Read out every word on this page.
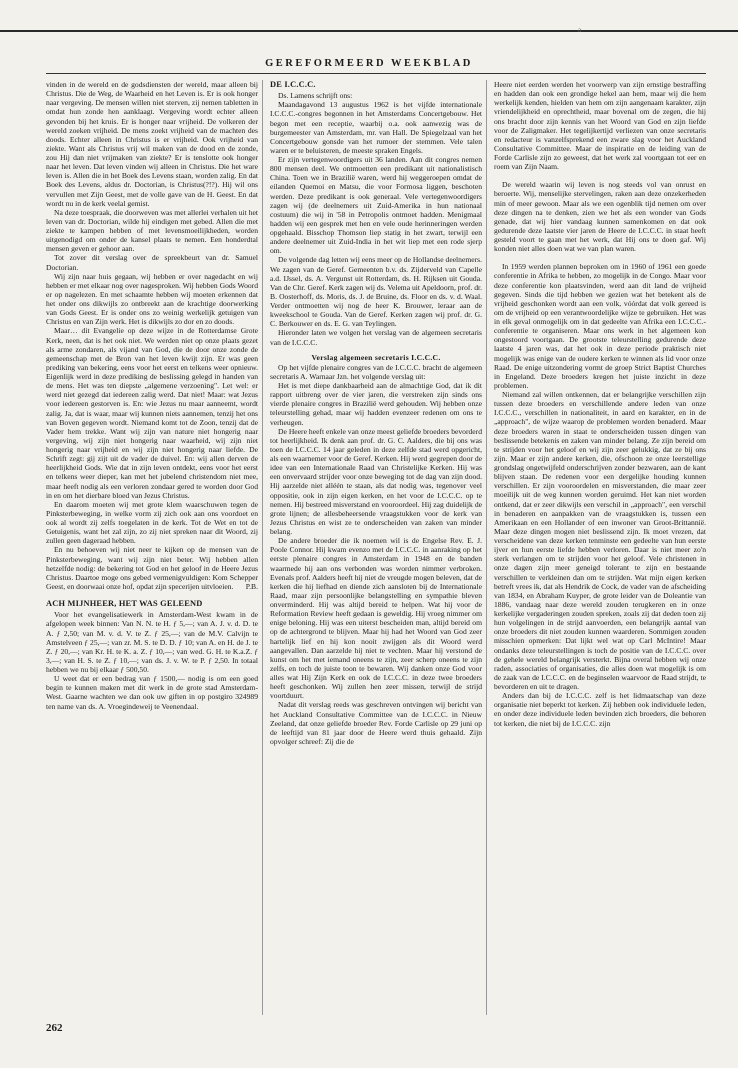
a
GEREFORMEERD WEEKBLAD

vinden in de wereld en de godsdiensten der wereld, maar alleen bij Christus. Die de Weg, de Waarheid en het Leven is. Er is ook honger naar vergeving. De mensen willen niet sterven, zij nemen tabletten in omdat hun zonde hen aanklaagt. Vergeving wordt echter alleen gevonden bij het kruis. Er is honger naar vrijheid. De volkeren der wereld zoeken vrijheid. De mens zoekt vrijheid van de machten des doods. Echter alleen in Christus is er vrijheid. Ook vrijheid van ziekte. Want als Christus vrij wil maken van de dood en de zonde, zou Hij dan niet vrijmaken van ziekte? Er is tenslotte ook honger naar het leven. Dat leven vinden wij alleen in Christus. Die het ware leven is. Allen die in het Boek des Levens staan, worden zalig. En dat Boek des Levens, aldus dr. Doctorian, is Christus(?!?). Hij wil ons vervullen met Zijn Geest, met de volle gave van de H. Geest. En dat wordt nu in de kerk veelal gemist.

Na deze toespraak, die doorweven was met allerlei verhalen uit het leven van dr. Doctorian, wilde hij eindigen met gebed. Allen die met ziekte te kampen hebben of met levensmoeilijkheden, worden uitgenodigd om onder de kansel plaats te nemen. Een honderdtal mensen geven er gehoor aan.

Tot zover dit verslag over de spreekbeurt van dr. Samuel Doctorian.

Wij zijn naar huis gegaan, wij hebben er over nagedacht en wij hebben er met elkaar nog over nagesproken. Wij hebben Gods Woord er op nagelezen. En met schaamte hebben wij moeten erkennen dat het onder ons dikwijls zo ontbreekt aan de krachtige doorwerking van Gods Geest. Er is onder ons zo weinig werkelijk getuigen van Christus en van Zijn werk. Het is dikwijls zo dor en zo doods.

Maar… dit Evangelie op deze wijze in de Rotterdamse Grote Kerk, neen, dat is het ook niet. We werden niet op onze plaats gezet als arme zondaren, als vijand van God, die de door onze zonde de gemeenschap met de Bron van het leven kwijt zijn. Er was geen prediking van bekering, eens voor het eerst en telkens weer opnieuw. Eigenlijk werd in deze prediking de beslissing gelegd in handen van de mens. Het was ten diepste „algemene verzoening". Let wel: er werd niet gezegd dat iedereen zalig werd. Dat niet! Maar: wat Jezus voor iedereen gestorven is. En: wie Jezus nu maar aanneemt, wordt zalig. Ja, dat is waar, maar wij kunnen niets aannemen, tenzij het ons van Boven gegeven wordt. Niemand komt tot de Zoon, tenzij dat de Vader hem trekke. Want wij zijn van nature niet hongerig naar vergeving, wij zijn niet hongerig naar waarheid, wij zijn niet hongerig naar vrijheid en wij zijn niet hongerig naar liefde. De Schrift zegt: gij zijt uit de vader de duivel. En: wij allen derven de heerlijkheid Gods. Wie dat in zijn leven ontdekt, eens voor het eerst en telkens weer dieper, kan met het jubelend christendom niet mee, maar heeft nodig als een verloren zondaar gered te worden door God in en om het dierbare bloed van Jezus Christus.

En daarom moeten wij met grote klem waarschuwen tegen de Pinksterbeweging, in welke vorm zij zich ook aan ons voordoet en ook al wordt zij zelfs toegelaten in de kerk. Tot de Wet en tot de Getuigenis, want het zal zijn, zo zij niet spreken naar dit Woord, zij zullen geen dageraad hebben.

En nu behoeven wij niet neer te kijken op de mensen van de Pinksterbeweging, want wij zijn niet beter. Wij hebben allen hetzelfde nodig: de bekering tot God en het geloof in de Heere Jezus Christus. Daartoe moge ons gebed vermenigvuldigen: Kom Schepper Geest, en doorwaai onze hof, opdat zijn specerijen uitvloeien.	P.B.
ACH MIJNHEER, HET WAS GELEEND

Voor het evangelisatiewerk in Amsterdam-West kwam in de afgelopen week binnen: Van N. N. te H. ƒ 5,—; van A. J. v. d. D. te A. ƒ 2,50; van M. v. d. V. te Z. ƒ 25,—; van de M.V. Calvijn te Amstelveen ƒ 25,—; van zr. M. S. te D. D. ƒ 10; van A. en H. de J. te Z. ƒ 20,—; van Kr. H. te K. a. Z. ƒ 10,—; van wed. G. H. te K.a.Z. ƒ 3,—; van H. S. te Z. ƒ 10,—; van ds. J. v. W. te P. ƒ 2,50. In totaal hebben we nu bij elkaar ƒ 500,50.

U weet dat er een bedrag van ƒ 1500,— nodig is om een goed begin te kunnen maken met dit werk in de grote stad Amsterdam-West. Gaarne wachten we dan ook uw giften in op postgiro 324989 ten name van ds. A. Vroegindeweij te Veenendaal.

DE I.C.C.C.

Ds. Lamens schrijft ons:

Maandagavond 13 augustus 1962 is het vijfde internationale I.C.C.C.-congres begonnen in het Amsterdams Concertgebouw. Het begon met een receptie, waarbij o.a. ook aanwezig was de burgemeester van Amsterdam, mr. van Hall. De Spiegelzaal van het Concertgebouw gonsde van het rumoer der stemmen. Vele talen waren er te beluisteren, de meeste spraken Engels.

Er zijn vertegenwoordigers uit 36 landen. Aan dit congres nemen 800 mensen deel. We ontmoetten een predikant uit nationalistisch China. Toen we in Brazilië waren, werd hij weggeroepen omdat de eilanden Quemoi en Matsu, die voor Formosa liggen, beschoten werden. Deze predikant is ook generaal. Vele vertegenwoordigers zagen wij (de deelnemers uit Zuid-Amerika in hun nationaal costuum) die wij in '58 in Petropolis ontmoet hadden. Menigmaal hadden wij een gesprek met hen en vele oude herinneringen werden opgehaald. Bisschop Thomson liep statig in het zwart, terwijl een andere deelnemer uit Zuid-India in het wit liep met een rode sjerp om.

De volgende dag letten wij eens meer op de Hollandse deelnemers. We zagen van de Geref. Gemeenten b.v. ds. Zijderveld van Capelle a.d. IJssel, ds. A. Vergunst uit Rotterdam, ds. H. Rijksen uit Gouda. Van de Chr. Geref. Kerk zagen wij ds. Velema uit Apeldoorn, prof. dr. B. Oosterhoff, ds. Moris, ds. J. de Bruine, ds. Floor en ds. v. d. Waal. Verder ontmoetten wij nog de heer K. Brouwer, leraar aan de kweekschool te Gouda. Van de Geref. Kerken zagen wij prof. dr. G. C. Berkouwer en ds. E. G. van Teylingen.

Hieronder laten we volgen het verslag van de algemeen secretaris van de I.C.C.C.

Verslag algemeen secretaris I.C.C.C.

Op het vijfde plenaire congres van de I.C.C.C. bracht de algemeen secretaris A. Warnaar Jzn. het volgende verslag uit:

Het is met diepe dankbaarheid aan de almachtige God, dat ik dit rapport uitbreng over de vier jaren, die verstreken zijn sinds ons vierde plenaire congres in Brazilië werd gehouden. Wij hebben onze teleurstelling gehad, maar wij hadden evenzeer redenen om ons te verheugen.

De Heere heeft enkele van onze meest geliefde broeders bevorderd tot heerlijkheid. Ik denk aan prof. dr. G. C. Aalders, die bij ons was toen de I.C.C.C. 14 jaar geleden in deze zelfde stad werd opgericht, als een waarnemer voor de Geref. Kerken. Hij werd gegrepen door de idee van een Internationale Raad van Christelijke Kerken. Hij was een onvervaard strijder voor onze beweging tot de dag van zijn dood. Hij aarzelde niet alléén te staan, als dat nodig was, tegenover veel oppositie, ook in zijn eigen kerken, en het voor de I.C.C.C. op te nemen. Hij bestreed misverstand en vooroordeel. Hij zag duidelijk de grote lijnen; de allesbeheersende vraagstukken voor de kerk van Jezus Christus en wist ze te onderscheiden van zaken van minder belang.

De andere broeder die ik noemen wil is de Engelse Rev. E. J. Poole Connor. Hij kwam evenzo met de I.C.C.C. in aanraking op het eerste plenaire congres in Amsterdam in 1948 en de banden waarmede hij aan ons verbonden was worden nimmer verbroken. Evenals prof. Aalders heeft hij niet de vreugde mogen beleven, dat de kerken die hij liefhad en diende zich aansloten bij de Internationale Raad, maar zijn persoonlijke belangstelling en sympathie bleven onverminderd. Hij was altijd bereid te helpen. Wat hij voor de Reformation Review heeft gedaan is geweldig. Hij vroeg nimmer om enige beloning. Hij was een uiterst bescheiden man, altijd bereid om op de achtergrond te blijven. Maar hij had het Woord van God zeer hartelijk lief en hij kon nooit zwijgen als dit Woord werd aangevallen. Dan aarzelde hij niet te vechten. Maar hij verstond de kunst om het met iemand oneens te zijn, zeer scherp oneens te zijn zelfs, en toch de juiste toon te bewaren. Wij danken onze God voor alles wat Hij Zijn Kerk en ook de I.C.C.C. in deze twee broeders heeft geschonken. Wij zullen hen zeer missen, terwijl de strijd voortduurt.

Nadat dit verslag reeds was geschreven ontvingen wij bericht van het Auckland Consultative Committee van de I.C.C.C. in Nieuw Zeeland, dat onze geliefde broeder Rev. Forde Carlisle op 29 juni op de leeftijd van 81 jaar door de Heere werd thuis gehaald. Zijn opvolger schreef: Zij die de

Heere niet eerden werden het voorwerp van zijn ernstige bestraffing en hadden dan ook een grondige hekel aan hem, maar wij die hem werkelijk kenden, hielden van hem om zijn aangenaam karakter, zijn vriendelijkheid en oprechtheid, maar bovenal om de zegen, die hij ons bracht door zijn kennis van het Woord van God en zijn liefde voor de Zaligmaker. Het tegelijkertijd verliezen van onze secretaris en redacteur is vanzelfsprekend een zware slag voor het Auckland Consultative Committee. Maar de inspiratie en de leiding van de Forde Carlisle zijn zo geweest, dat het werk zal voortgaan tot eer en roem van Zijn Naam.

De wereld waarin wij leven is nog steeds vol van onrust en beroerte. Wij, menselijke stervelingen, raken aan deze onzekerheden min of meer gewoon. Maar als we een ogenblik tijd nemen om over deze dingen na te denken, zien we het als een wonder van Gods genade, dat wij hier vandaag kunnen samenkomen en dat ook gedurende deze laatste vier jaren de Heere de I.C.C.C. in staat heeft gesteld voort te gaan met het werk, dat Hij ons te doen gaf. Wij konden niet alles doen wat we van plan waren.

In 1959 werden plannen beproken om in 1960 of 1961 een goede conferentie in Afrika te hebben, zo mogelijk in de Congo. Maar voor deze conferentie kon plaatsvinden, werd aan dit land de vrijheid gegeven. Sinds die tijd hebben we gezien wat het betekent als de vrijheid geschonken wordt aan een volk, vóórdat dat volk gereed is om de vrijheid op een verantwoordelijke wijze te gebruiken. Het was in elk geval onmogelijk om in dat gedeelte van Afrika een I.C.C.C.-conferentie te organiseren. Maar ons werk in het algemeen kon ongestoord voortgaan. De grootste teleurstelling gedurende deze laatste 4 jaren was, dat het ook in deze periode praktisch niet mogelijk was enige van de oudere kerken te winnen als lid voor onze Raad. De enige uitzondering vormt de groep Strict Baptist Churches in Engeland. Deze broeders kregen het juiste inzicht in deze problemen.

Niemand zal willen ontkennen, dat er belangrijke verschillen zijn tussen deze broeders en verschillende andere leden van onze I.C.C.C., verschillen in nationaliteit, in aard en karakter, en in de „approach", de wijze waarop de problemen worden benaderd. Maar deze broeders waren in staat te onderscheiden tussen dingen van beslissende betekenis en zaken van minder belang. Ze zijn bereid om te strijden voor het geloof en wij zijn zeer gelukkig, dat ze bij ons zijn. Maar er zijn andere kerken, die, ofschoon ze onze leerstellige grondslag ongetwijfeld onderschrijven zonder bezwaren, aan de kant blijven staan. De redenen voor een dergelijke houding kunnen verschillen. Er zijn vooroordelen en misverstanden, die maar zeer moeilijk uit de weg kunnen worden geruimd. Het kan niet worden ontkend, dat er zeer dikwijls een verschil in „approach", een verschil in benaderen en aanpakken van de vraagstukken is, tussen een Amerikaan en een Hollander of een inwoner van Groot-Brittannië. Maar deze dingen mogen niet beslissend zijn. Ik moet vrezen, dat verscheidene van deze kerken tenminste een gedeelte van hun eerste ijver en hun eerste liefde hebben verloren. Daar is niet meer zo'n sterk verlangen om te strijden voor het geloof. Vele christenen in onze dagen zijn meer geneigd tolerant te zijn en bestaande verschillen te verkleinen dan om te strijden. Wat mijn eigen kerken betreft vrees ik, dat als Hendrik de Cock, de vader van de afscheiding van 1834, en Abraham Kuyper, de grote leider van de Doleantie van 1886, vandaag naar deze wereld zouden terugkeren en in onze kerkelijke vergaderingen zouden spreken, zoals zij dat deden toen zij hun volgelingen in de strijd aanvoerden, een belangrijk aantal van onze broeders dit niet zouden kunnen waarderen. Sommigen zouden misschien opmerken: Dat lijkt wel wat op Carl McIntire! Maar ondanks deze teleurstellingen is toch de positie van de I.C.C.C. over de gehele wereld belangrijk versterkt. Bijna overal hebben wij onze raden, associaties of organisaties, die alles doen wat mogelijk is om de zaak van de I.C.C.C. en de beginselen waarvoor de Raad strijdt, te bevorderen en uit te dragen.

Anders dan bij de I.C.C.C. zelf is het lidmaatschap van deze organisatie niet beperkt tot kerken. Zij hebben ook individuele leden, en onder deze individuele leden bevinden zich broeders, die behoren tot kerken, die niet bij de I.C.C.C. zijn

262
